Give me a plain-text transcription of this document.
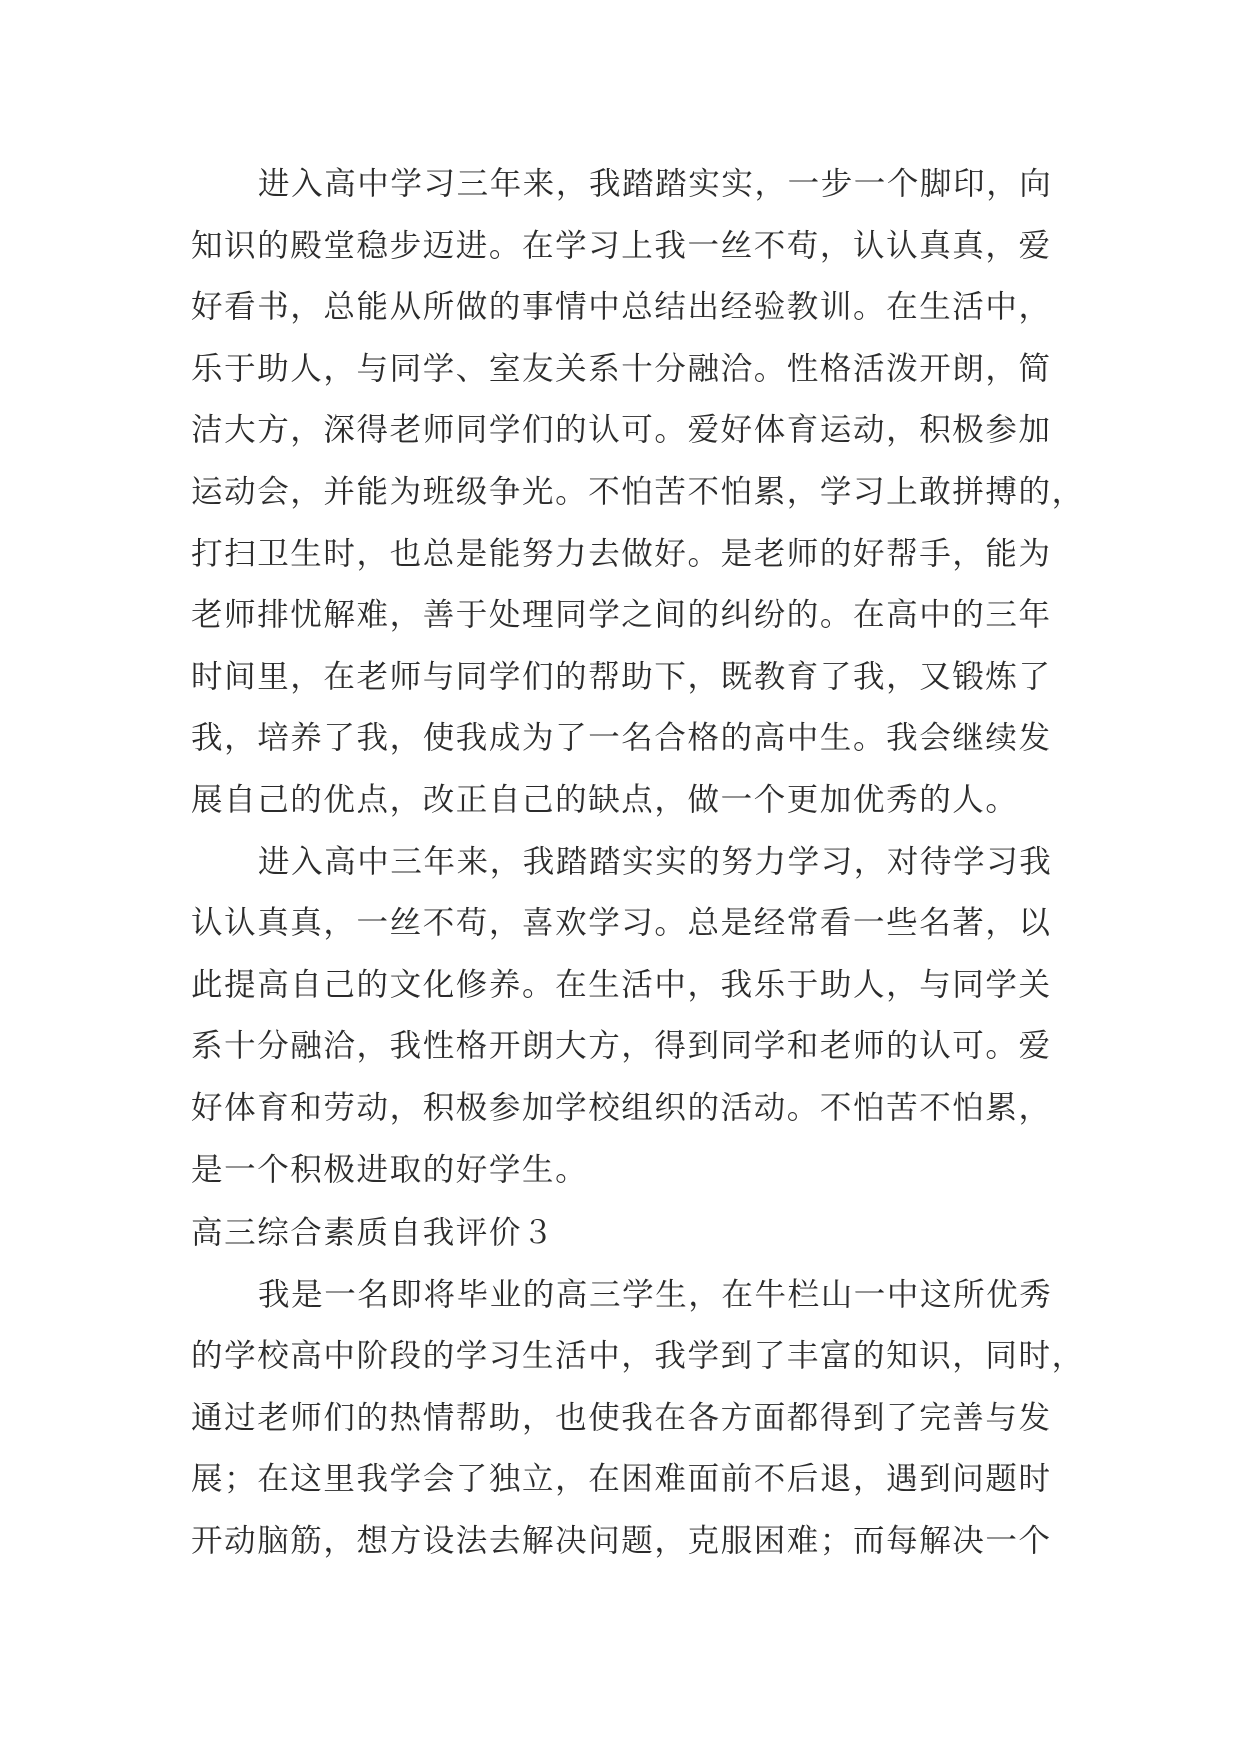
进入高中学习三年来，我踏踏实实，一步一个脚印，向
知识的殿堂稳步迈进。在学习上我一丝不苟，认认真真，爱
好看书，总能从所做的事情中总结出经验教训。在生活中，
乐于助人，与同学、室友关系十分融洽。性格活泼开朗，简
洁大方，深得老师同学们的认可。爱好体育运动，积极参加
运动会，并能为班级争光。不怕苦不怕累，学习上敢拼搏的，
打扫卫生时，也总是能努力去做好。是老师的好帮手，能为
老师排忧解难，善于处理同学之间的纠纷的。在高中的三年
时间里，在老师与同学们的帮助下，既教育了我，又锻炼了
我，培养了我，使我成为了一名合格的高中生。我会继续发
展自己的优点，改正自己的缺点，做一个更加优秀的人。
进入高中三年来，我踏踏实实的努力学习，对待学习我
认认真真，一丝不苟，喜欢学习。总是经常看一些名著，以
此提高自己的文化修养。在生活中，我乐于助人，与同学关
系十分融洽，我性格开朗大方，得到同学和老师的认可。爱
好体育和劳动，积极参加学校组织的活动。不怕苦不怕累，
是一个积极进取的好学生。
高三综合素质自我评价３
我是一名即将毕业的高三学生，在牛栏山一中这所优秀
的学校高中阶段的学习生活中，我学到了丰富的知识，同时，
通过老师们的热情帮助，也使我在各方面都得到了完善与发
展；在这里我学会了独立，在困难面前不后退，遇到问题时
开动脑筋，想方设法去解决问题，克服困难；而每解决一个
